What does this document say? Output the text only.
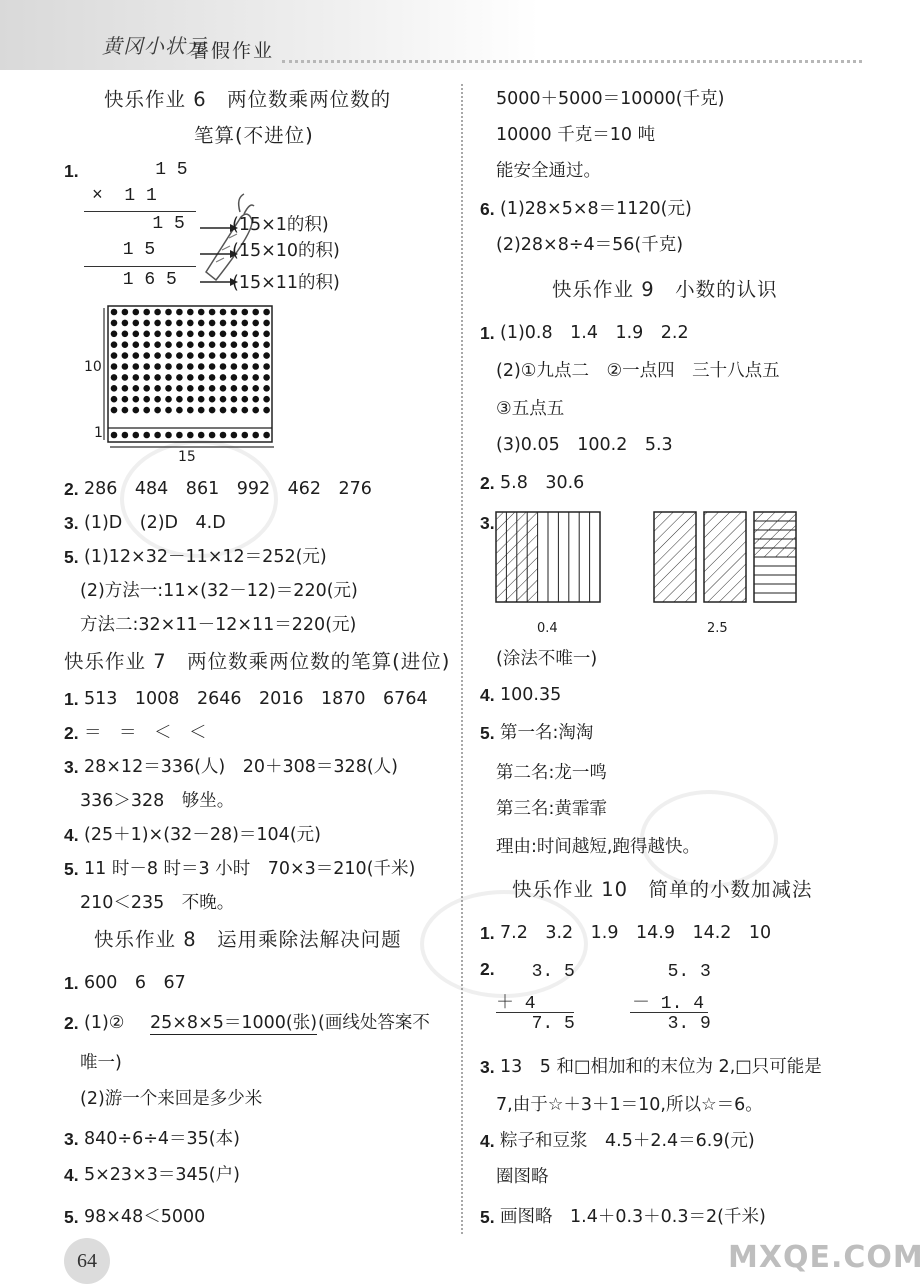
黄冈小状元
暑假作业
快乐作业 6　两位数乘两位数的
笔算(不进位)
1. 1 5
×  1 1
1 5
1 5
1 6 5
(15×1的积)
(15×10的积)
(15×11的积)
10
1
15
2. 286　484　861　992　462　276
3. (1)D　(2)D　4.D
5. (1)12×32－11×12＝252(元)
(2)方法一:11×(32－12)＝220(元)
方法二:32×11－12×11＝220(元)
快乐作业 7　两位数乘两位数的笔算(进位)
1. 513　1008　2646　2016　1870　6764
2. ＝　＝　＜　＜
3. 28×12＝336(人)　20＋308＝328(人)
336＞328　够坐。
4. (25＋1)×(32－28)＝104(元)
5. 11 时－8 时＝3 小时　70×3＝210(千米)
210＜235　不晚。
快乐作业 8　运用乘除法解决问题
1. 600　6　67
2. (1)②　
唯一)
(2)游一个来回是多少米
3. 840÷6÷4＝35(本)
4. 5×23×3＝345(户)
5. 98×48＜5000
25×8×5＝1000(张) (画线处答案不
5000＋5000＝10000(千克)
10000 千克＝10 吨
能安全通过。
6. (1)28×5×8＝1120(元)
(2)28×8÷4＝56(千克)
快乐作业 9　小数的认识
1. (1)0.8　1.4　1.9　2.2
(2)①九点二　②一点四　三十八点五
③五点五
(3)0.05　100.2　5.3
2. 5.8　30.6
3.
0.4	2.5
(涂法不唯一)
4. 100.35
5. 第一名:淘淘
第二名:龙一鸣
第三名:黄霏霏
理由:时间越短,跑得越快。
快乐作业 10　简单的小数加减法
1. 7.2　3.2　1.9　14.9　14.2　10
2. 3. 5
＋ 4
7. 5
5. 3
－ 1. 4
3. 9
3. 13　5 和□相加和的末位为 2,□只可能是
7,由于☆＋3＋1＝10,所以☆＝6。
4. 粽子和豆浆　4.5＋2.4＝6.9(元)
圈图略
5. 画图略　1.4＋0.3＋0.3＝2(千米)
64	MXQE.COM
